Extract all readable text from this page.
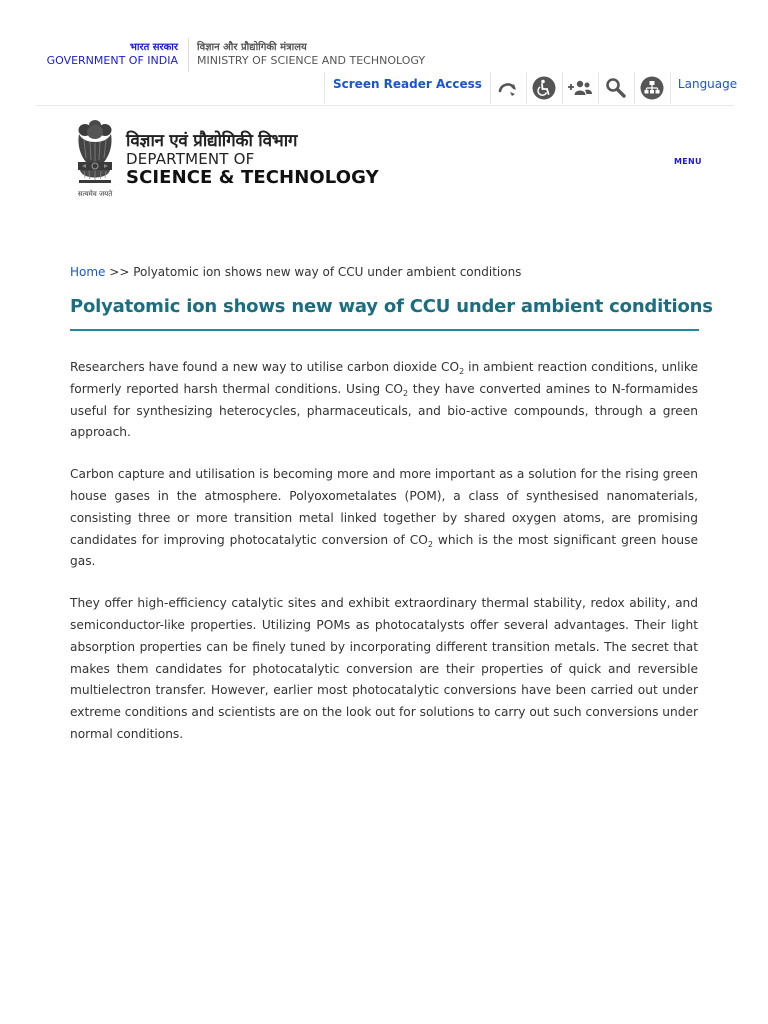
भारत सरकार
GOVERNMENT OF INDIA
विज्ञान और प्रौद्योगिकी मंत्रालय
MINISTRY OF SCIENCE AND TECHNOLOGY
Screen Reader Access	Language
सत्यमेव जयते
विज्ञान एवं प्रौद्योगिकी विभाग
DEPARTMENT OF
SCIENCE & TECHNOLOGY
MENU
Home >> Polyatomic ion shows new way of CCU under ambient conditions
Polyatomic ion shows new way of CCU under ambient conditions

Researchers have found a new way to utilise carbon dioxide $CO_2$ in ambient reaction conditions, unlike formerly reported harsh thermal conditions. Using $CO_2$ they have converted amines to N-formamides useful for synthesizing heterocycles, pharmaceuticals, and bio-active compounds, through a green approach.

Carbon capture and utilisation is becoming more and more important as a solution for the rising green house gases in the atmosphere. Polyoxometalates (POM), a class of synthesised nanomaterials, consisting three or more transition metal linked together by shared oxygen atoms, are promising candidates for improving photocatalytic conversion of $CO_2$ which is the most significant green house gas.

They offer high-efficiency catalytic sites and exhibit extraordinary thermal stability, redox ability, and semiconductor-like properties. Utilizing POMs as photocatalysts offer several advantages. Their light absorption properties can be finely tuned by incorporating different transition metals. The secret that makes them candidates for photocatalytic conversion are their properties of quick and reversible multielectron transfer. However, earlier most photocatalytic conversions have been carried out under extreme conditions and scientists are on the look out for solutions to carry out such conversions under normal conditions.
